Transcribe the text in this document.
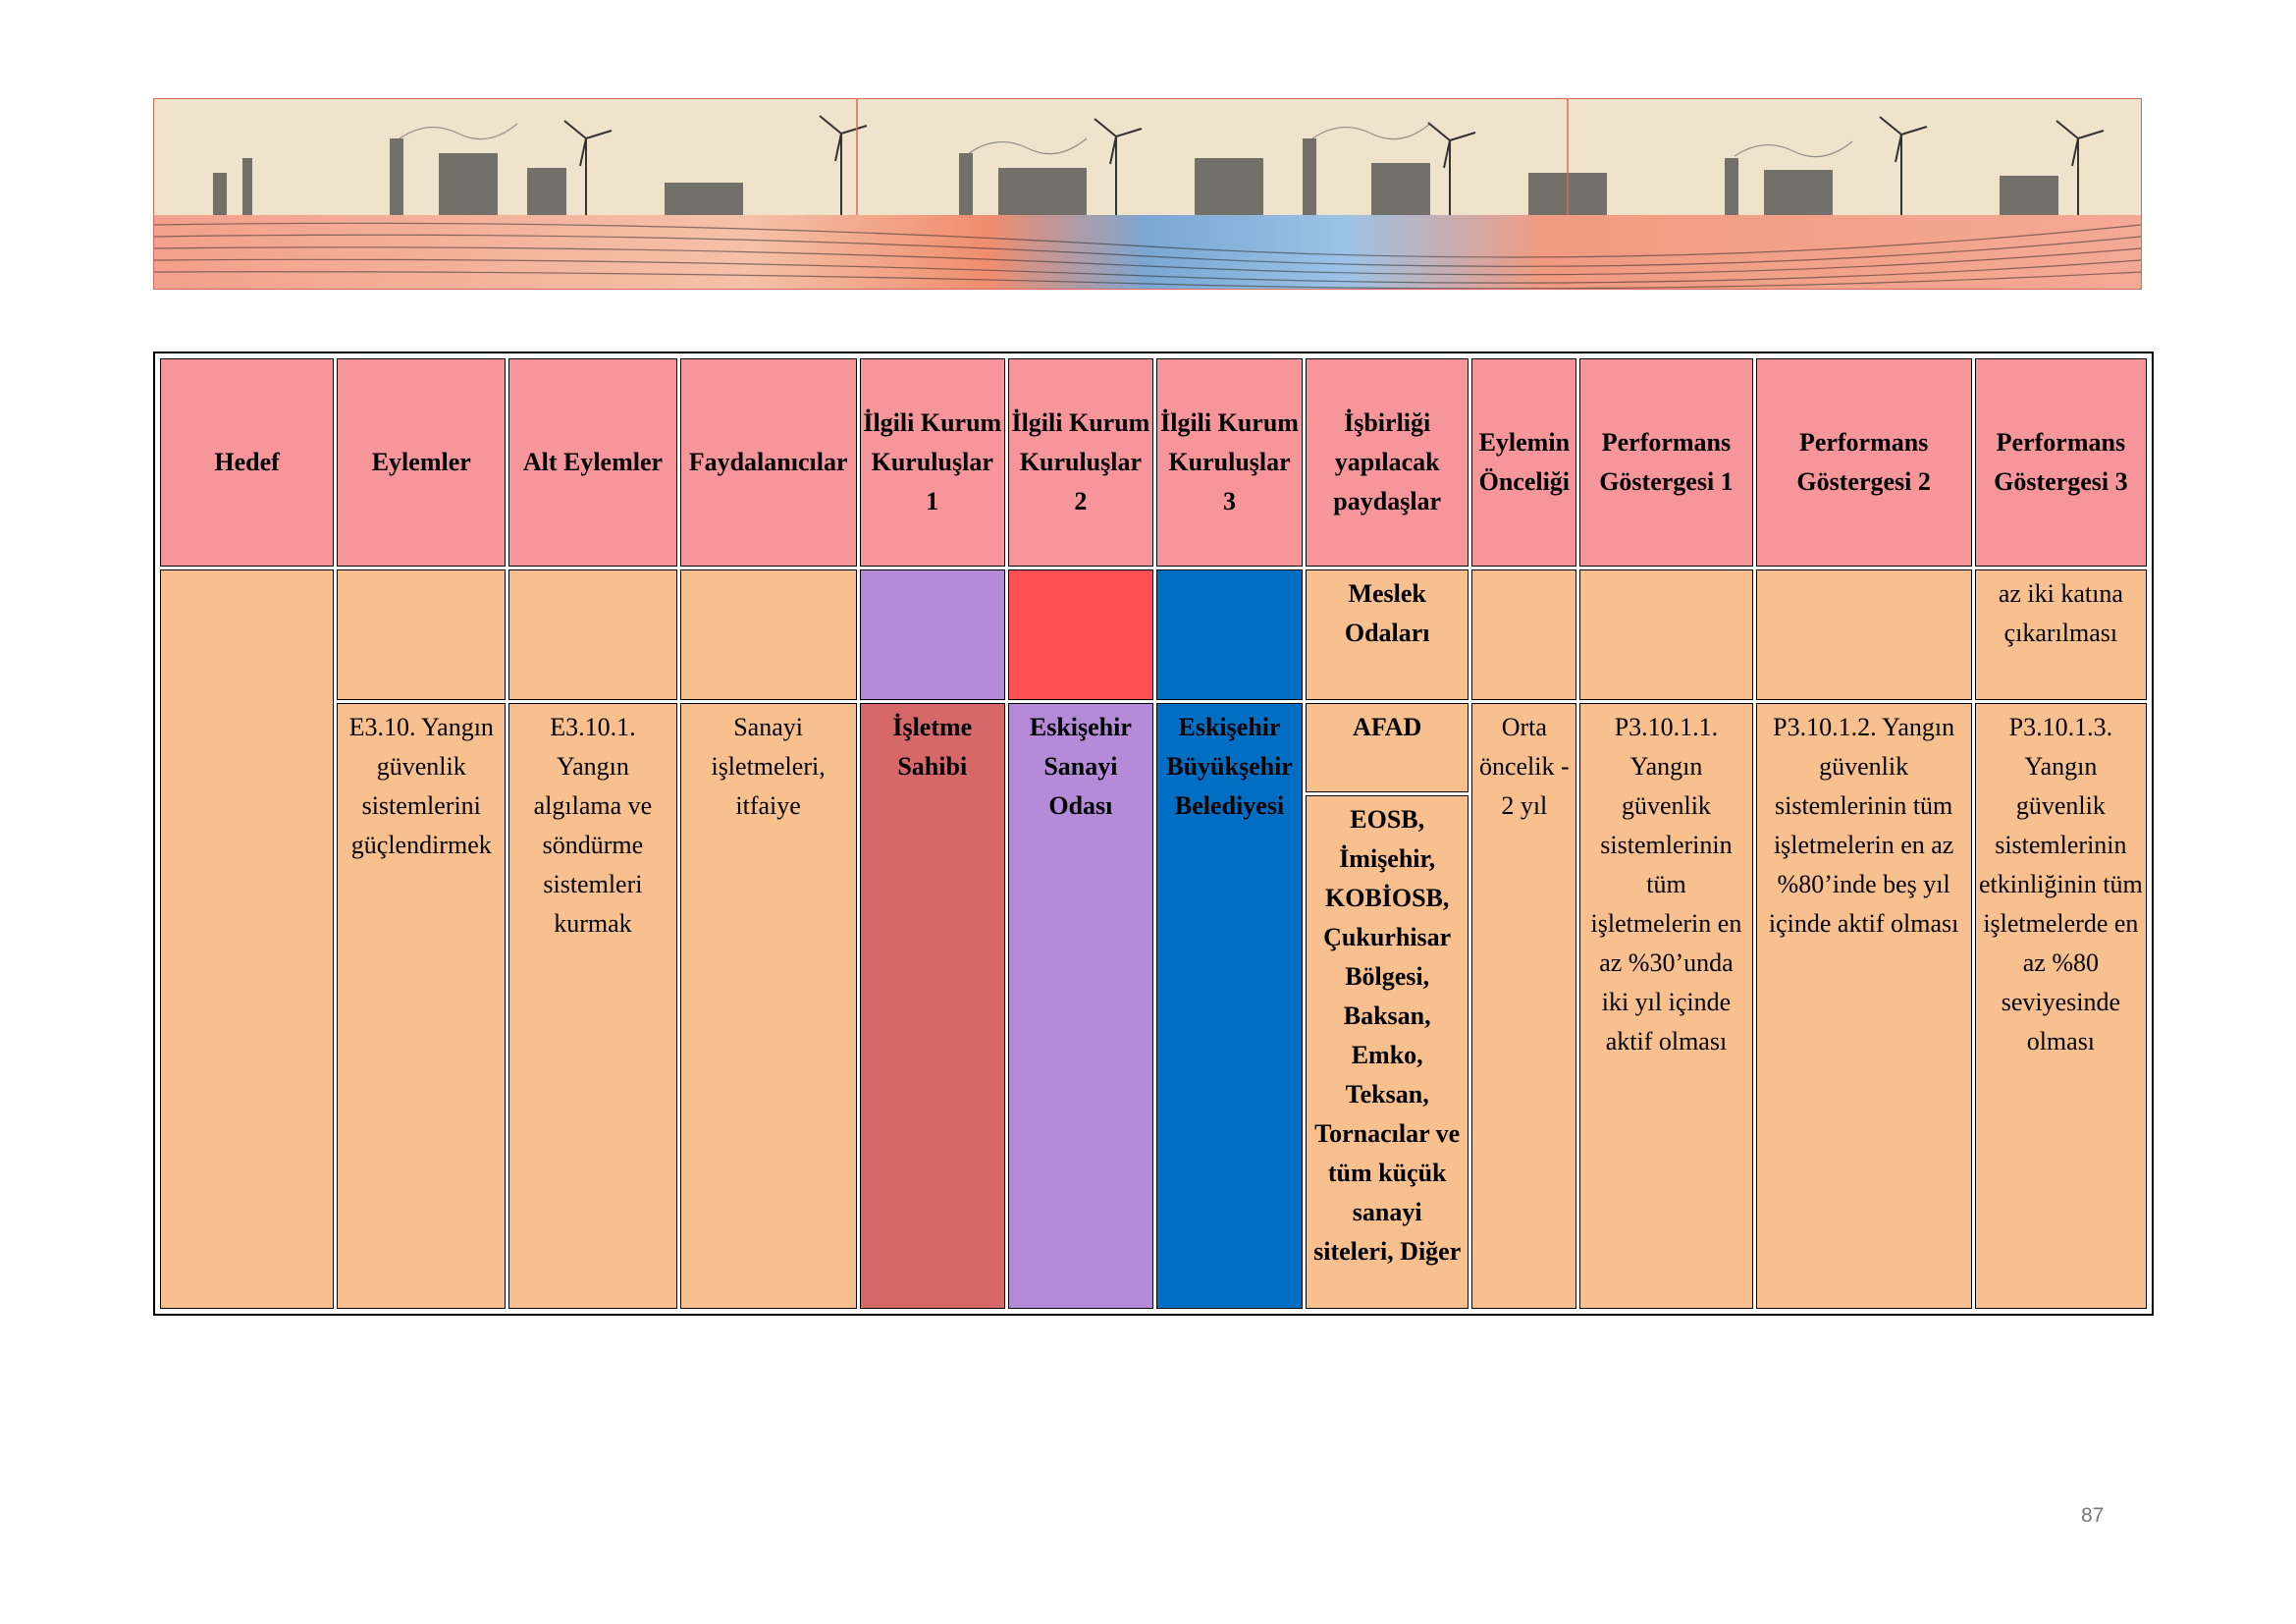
Hedef	Eylemler	Alt Eylemler	Faydalanıcılar	İlgili Kurum Kuruluşlar 1	İlgili Kurum Kuruluşlar 2	İlgili Kurum Kuruluşlar 3	İşbirliği yapılacak paydaşlar	Eylemin Önceliği	Performans Göstergesi 1	Performans Göstergesi 2	Performans Göstergesi 3
							Meslek Odaları				az iki katına çıkarılması
	E3.10. Yangın güvenlik sistemlerini güçlendirmek	E3.10.1. Yangın algılama ve söndürme sistemleri kurmak	Sanayi işletmeleri, itfaiye	İşletme Sahibi	Eskişehir Sanayi Odası	Eskişehir Büyükşehir Belediyesi	AFAD	Orta öncelik - 2 yıl	P3.10.1.1. Yangın güvenlik sistemlerinin tüm işletmelerin en az %30’unda iki yıl içinde aktif olması	P3.10.1.2. Yangın güvenlik sistemlerinin tüm işletmelerin en az %80’inde beş yıl içinde aktif olması	P3.10.1.3. Yangın güvenlik sistemlerinin etkinliğinin tüm işletmelerde en az %80 seviyesinde olması
							EOSB, İmişehir, KOBİOSB, Çukurhisar Bölgesi, Baksan, Emko, Teksan, Tornacılar ve tüm küçük sanayi siteleri, Diğer				
87
